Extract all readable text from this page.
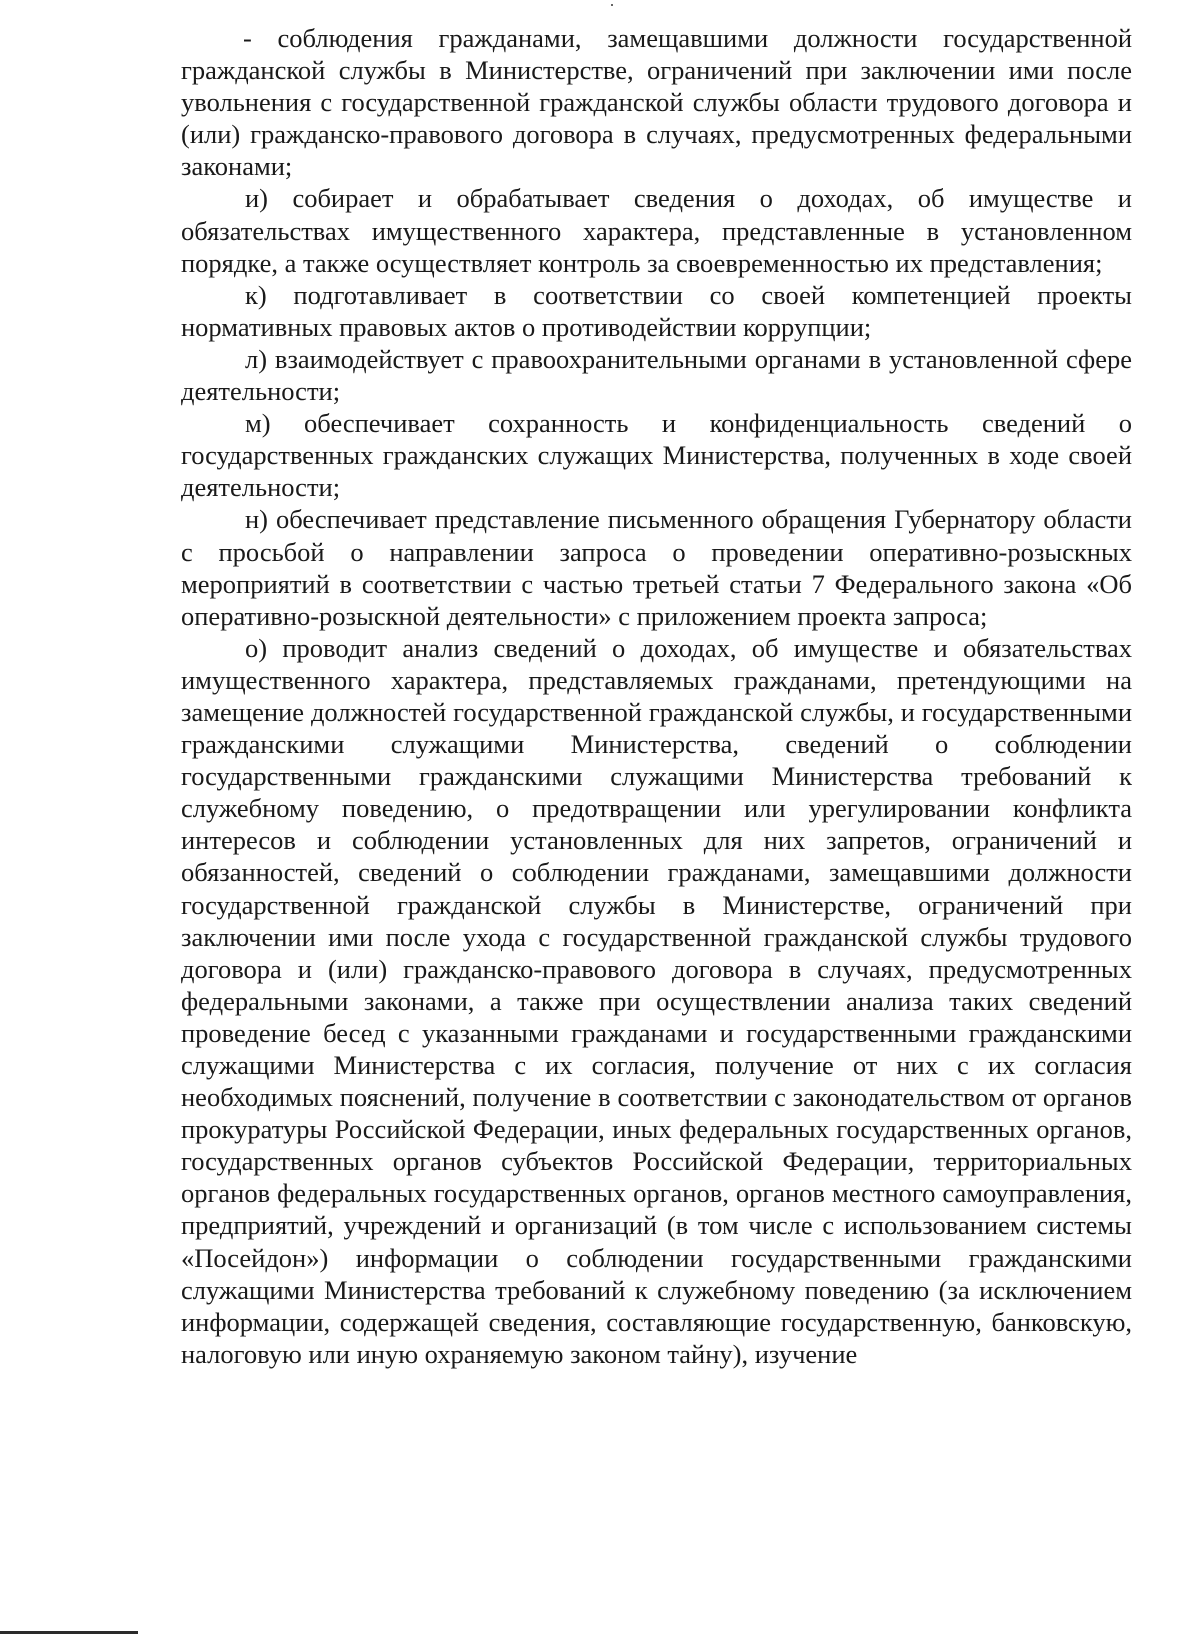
- соблюдения гражданами, замещавшими должности государственной гражданской службы в Министерстве, ограничений при заключении ими после увольнения с государственной гражданской службы области трудового договора и (или) гражданско-правового договора в случаях, предусмотренных федеральными законами;

и) собирает и обрабатывает сведения о доходах, об имуществе и обязательствах имущественного характера, представленные в установленном порядке, а также осуществляет контроль за своевременностью их представления;

к) подготавливает в соответствии со своей компетенцией проекты нормативных правовых актов о противодействии коррупции;

л) взаимодействует с правоохранительными органами в установленной сфере деятельности;

м) обеспечивает сохранность и конфиденциальность сведений о государственных гражданских служащих Министерства, полученных в ходе своей деятельности;

н) обеспечивает представление письменного обращения Губернатору области с просьбой о направлении запроса о проведении оперативно-розыскных мероприятий в соответствии с частью третьей статьи 7 Федерального закона «Об оперативно-розыскной деятельности» с приложением проекта запроса;

о) проводит анализ сведений о доходах, об имуществе и обязательствах имущественного характера, представляемых гражданами, претендующими на замещение должностей государственной гражданской службы, и государственными гражданскими служащими Министерства, сведений о соблюдении государственными гражданскими служащими Министерства требований к служебному поведению, о предотвращении или урегулировании конфликта интересов и соблюдении установленных для них запретов, ограничений и обязанностей, сведений о соблюдении гражданами, замещавшими должности государственной гражданской службы в Министерстве, ограничений при заключении ими после ухода с государственной гражданской службы трудового договора и (или) гражданско-правового договора в случаях, предусмотренных федеральными законами, а также при осуществлении анализа таких сведений проведение бесед с указанными гражданами и государственными гражданскими служащими Министерства с их согласия, получение от них с их согласия необходимых пояснений, получение в соответствии с законодательством от органов прокуратуры Российской Федерации, иных федеральных государственных органов, государственных органов субъектов Российской Федерации, территориальных органов федеральных государственных органов, органов местного самоуправления, предприятий, учреждений и организаций (в том числе с использованием системы «Посейдон») информации о соблюдении государственными гражданскими служащими Министерства требований к служебному поведению (за исключением информации, содержащей сведения, составляющие государственную, банковскую, налоговую или иную охраняемую законом тайну), изучение
